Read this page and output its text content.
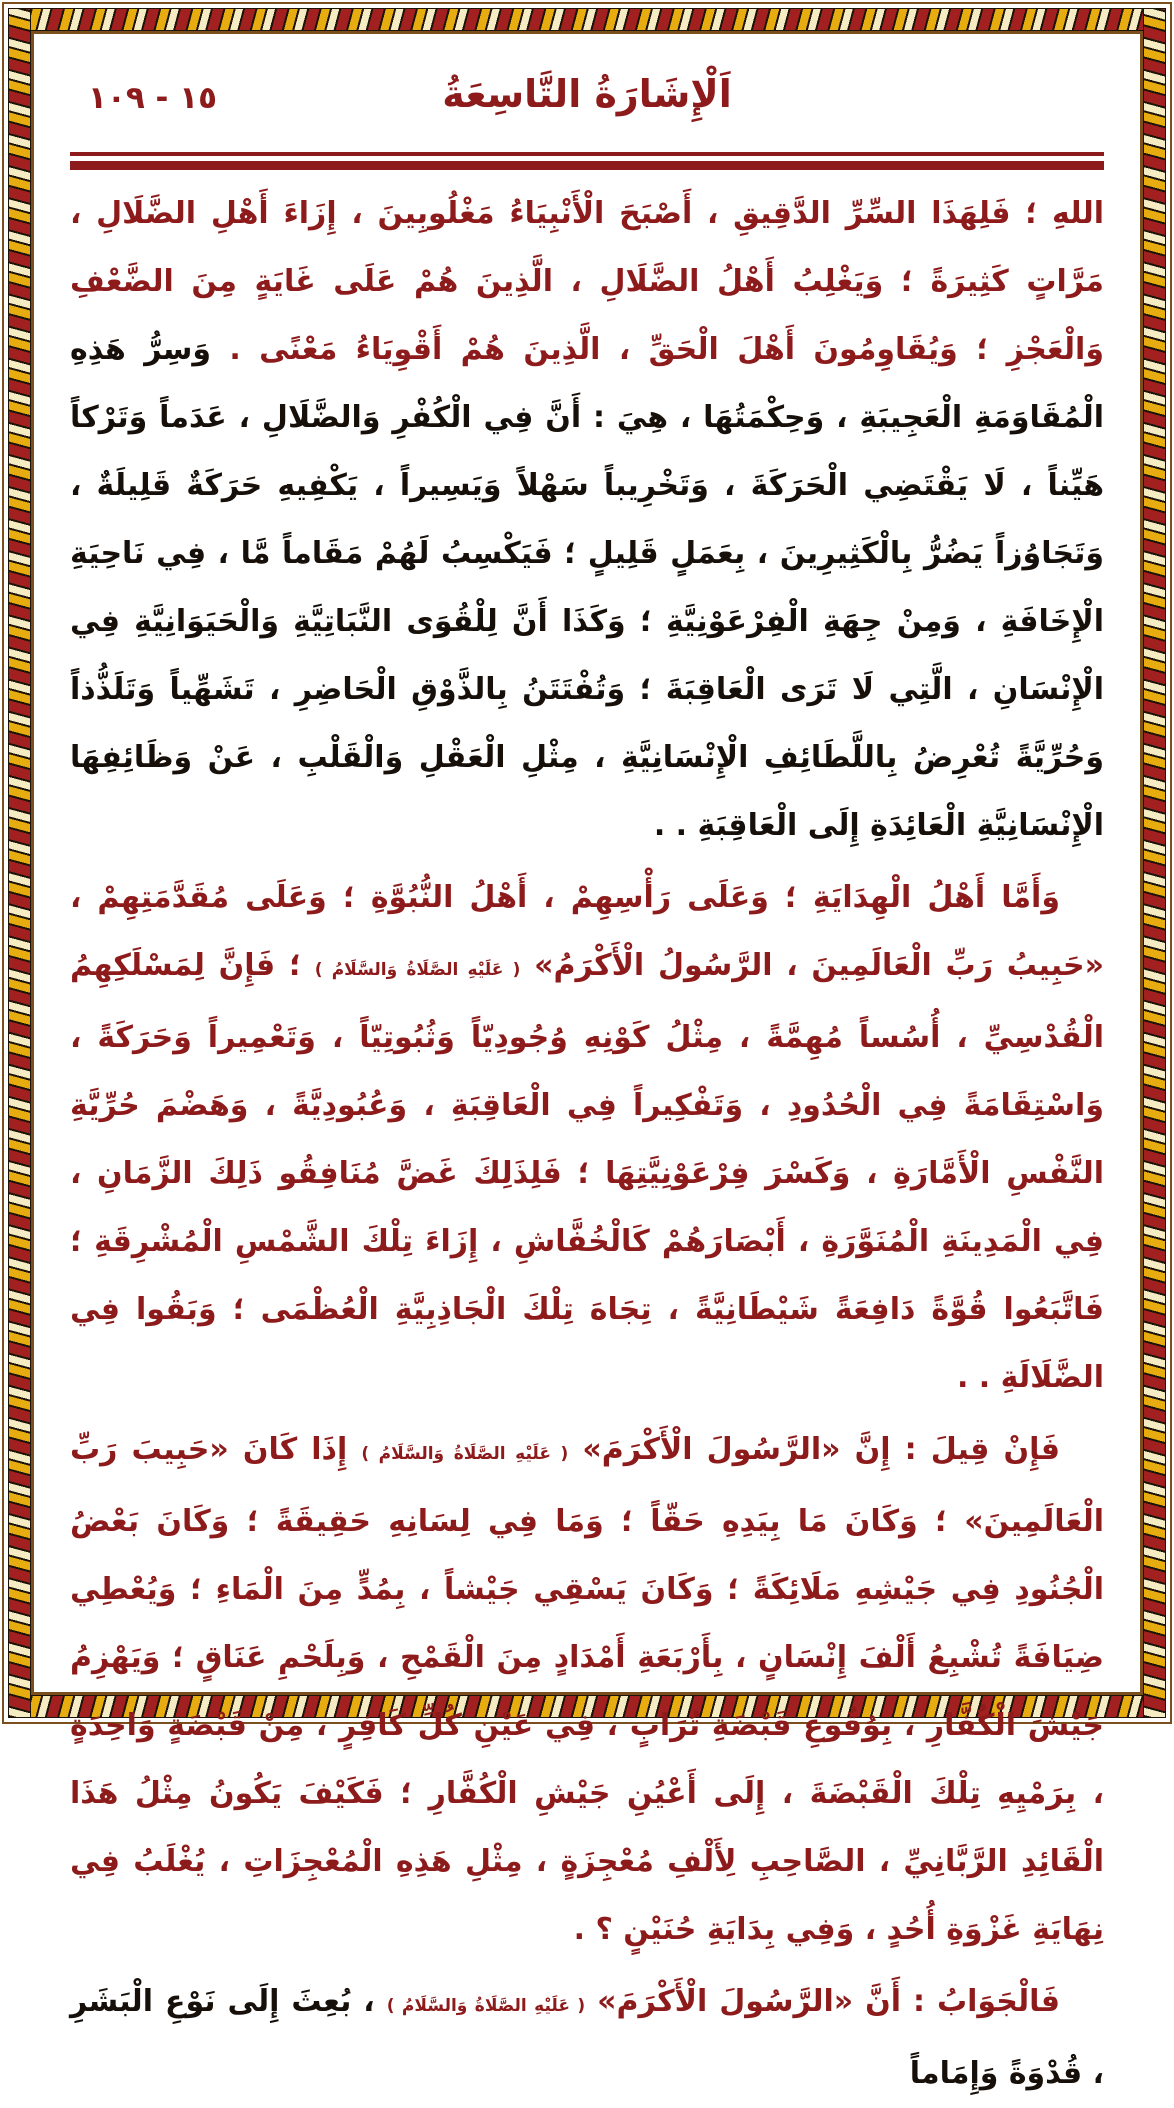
١٥ - ١٠٩	اَلْإِشَارَةُ التَّاسِعَةُ

اللهِ ؛ فَلِهَذَا السِّرِّ الدَّقِيقِ ، أَصْبَحَ الْأَنْبِيَاءُ مَغْلُوبِينَ ، إِزَاءَ أَهْلِ الضَّلَالِ ، مَرَّاتٍ كَثِيرَةً ؛ وَيَغْلِبُ أَهْلُ الضَّلَالِ ، الَّذِينَ هُمْ عَلَى غَايَةٍ مِنَ الضَّعْفِ وَالْعَجْزِ ؛ وَيُقَاوِمُونَ أَهْلَ الْحَقِّ ، الَّذِينَ هُمْ أَقْوِيَاءُ مَعْنًى . وَسِرُّ هَذِهِ الْمُقَاوَمَةِ الْعَجِيبَةِ ، وَحِكْمَتُهَا ، هِيَ : أَنَّ فِي الْكُفْرِ وَالضَّلَالِ ، عَدَماً وَتَرْكاً هَيِّناً ، لَا يَقْتَضِي الْحَرَكَةَ ، وَتَخْرِيباً سَهْلاً وَيَسِيراً ، يَكْفِيهِ حَرَكَةٌ قَلِيلَةٌ ، وَتَجَاوُزاً يَضُرُّ بِالْكَثِيرِينَ ، بِعَمَلٍ قَلِيلٍ ؛ فَيَكْسِبُ لَهُمْ مَقَاماً مَّا ، فِي نَاحِيَةِ الْإِخَافَةِ ، وَمِنْ جِهَةِ الْفِرْعَوْنِيَّةِ ؛ وَكَذَا أَنَّ لِلْقُوَى النَّبَاتِيَّةِ وَالْحَيَوَانِيَّةِ فِي الْإِنْسَانِ ، الَّتِي لَا تَرَى الْعَاقِبَةَ ؛ وَتُفْتَتَنُ بِالذَّوْقِ الْحَاضِرِ ، تَشَهِّياً وَتَلَذُّذاً وَحُرِّيَّةً تُعْرِضُ بِاللَّطَائِفِ الْإِنْسَانِيَّةِ ، مِثْلِ الْعَقْلِ وَالْقَلْبِ ، عَنْ وَظَائِفِهَا الْإِنْسَانِيَّةِ الْعَائِدَةِ إِلَى الْعَاقِبَةِ . .

وَأَمَّا أَهْلُ الْهِدَايَةِ ؛ وَعَلَى رَأْسِهِمْ ، أَهْلُ النُّبُوَّةِ ؛ وَعَلَى مُقَدَّمَتِهِمْ ، «حَبِيبُ رَبِّ الْعَالَمِينَ ، الرَّسُولُ الْأَكْرَمُ» ( عَلَيْهِ الصَّلَاةُ وَالسَّلَامُ ) ؛ فَإِنَّ لِمَسْلَكِهِمُ الْقُدْسِيِّ ، أُسُساً مُهِمَّةً ، مِثْلُ كَوْنِهِ وُجُودِيّاً وَثُبُوتِيّاً ، وَتَعْمِيراً وَحَرَكَةً ، وَاسْتِقَامَةً فِي الْحُدُودِ ، وَتَفْكِيراً فِي الْعَاقِبَةِ ، وَعُبُودِيَّةً ، وَهَضْمَ حُرِّيَّةِ النَّفْسِ الْأَمَّارَةِ ، وَكَسْرَ فِرْعَوْنِيَّتِهَا ؛ فَلِذَلِكَ غَضَّ مُنَافِقُو ذَلِكَ الزَّمَانِ ، فِي الْمَدِينَةِ الْمُنَوَّرَةِ ، أَبْصَارَهُمْ كَالْخُفَّاشِ ، إِزَاءَ تِلْكَ الشَّمْسِ الْمُشْرِقَةِ ؛ فَاتَّبَعُوا قُوَّةً دَافِعَةً شَيْطَانِيَّةً ، تِجَاهَ تِلْكَ الْجَاذِبِيَّةِ الْعُظْمَى ؛ وَبَقُوا فِي الضَّلَالَةِ . .

فَإِنْ قِيلَ : إِنَّ «الرَّسُولَ الْأَكْرَمَ» ( عَلَيْهِ الصَّلَاةُ وَالسَّلَامُ ) إِذَا كَانَ «حَبِيبَ رَبِّ الْعَالَمِينَ» ؛ وَكَانَ مَا بِيَدِهِ حَقّاً ؛ وَمَا فِي لِسَانِهِ حَقِيقَةً ؛ وَكَانَ بَعْضُ الْجُنُودِ فِي جَيْشِهِ مَلَائِكَةً ؛ وَكَانَ يَسْقِي جَيْشاً ، بِمُدٍّ مِنَ الْمَاءِ ؛ وَيُعْطِي ضِيَافَةً تُشْبِعُ أَلْفَ إِنْسَانٍ ، بِأَرْبَعَةِ أَمْدَادٍ مِنَ الْقَمْحِ ، وَبِلَحْمِ عَنَاقٍ ؛ وَيَهْزِمُ جَيْشَ الْكُفَّارِ ، بِوُقُوعِ قَبْضَةِ تُرَابٍ ، فِي عَيْنِ كُلِّ كَافِرٍ ، مِنْ قَبْضَةٍ وَاحِدَةٍ ، بِرَمْيِهِ تِلْكَ الْقَبْضَةَ ، إِلَى أَعْيُنِ جَيْشِ الْكُفَّارِ ؛ فَكَيْفَ يَكُونُ مِثْلُ هَذَا الْقَائِدِ الرَّبَّانِيِّ ، الصَّاحِبِ لِأَلْفِ مُعْجِزَةٍ ، مِثْلِ هَذِهِ الْمُعْجِزَاتِ ، يُغْلَبُ فِي نِهَايَةِ غَزْوَةِ أُحُدٍ ، وَفِي بِدَايَةِ حُنَيْنٍ ؟ .

فَالْجَوَابُ : أَنَّ «الرَّسُولَ الْأَكْرَمَ» ( عَلَيْهِ الصَّلَاةُ وَالسَّلَامُ ) ، بُعِثَ إِلَى نَوْعِ الْبَشَرِ ، قُدْوَةً وَإِمَاماً
